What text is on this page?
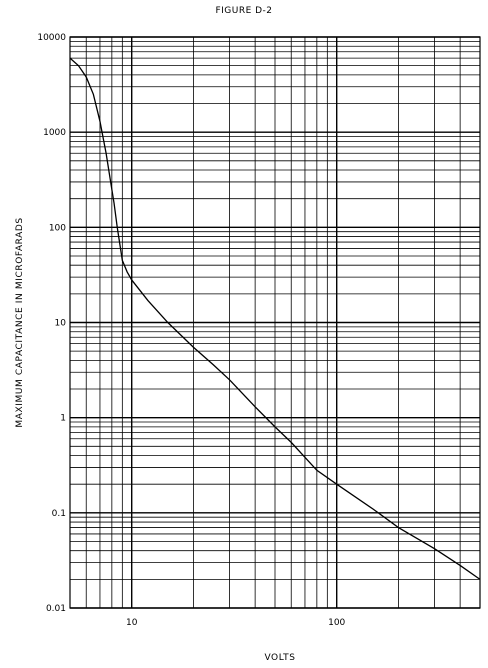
FIGURE D-2
0.01
0.1
1
10
100
1000
10000
10	100
VOLTS
MAXIMUM CAPACITANCE IN MICROFARADS
